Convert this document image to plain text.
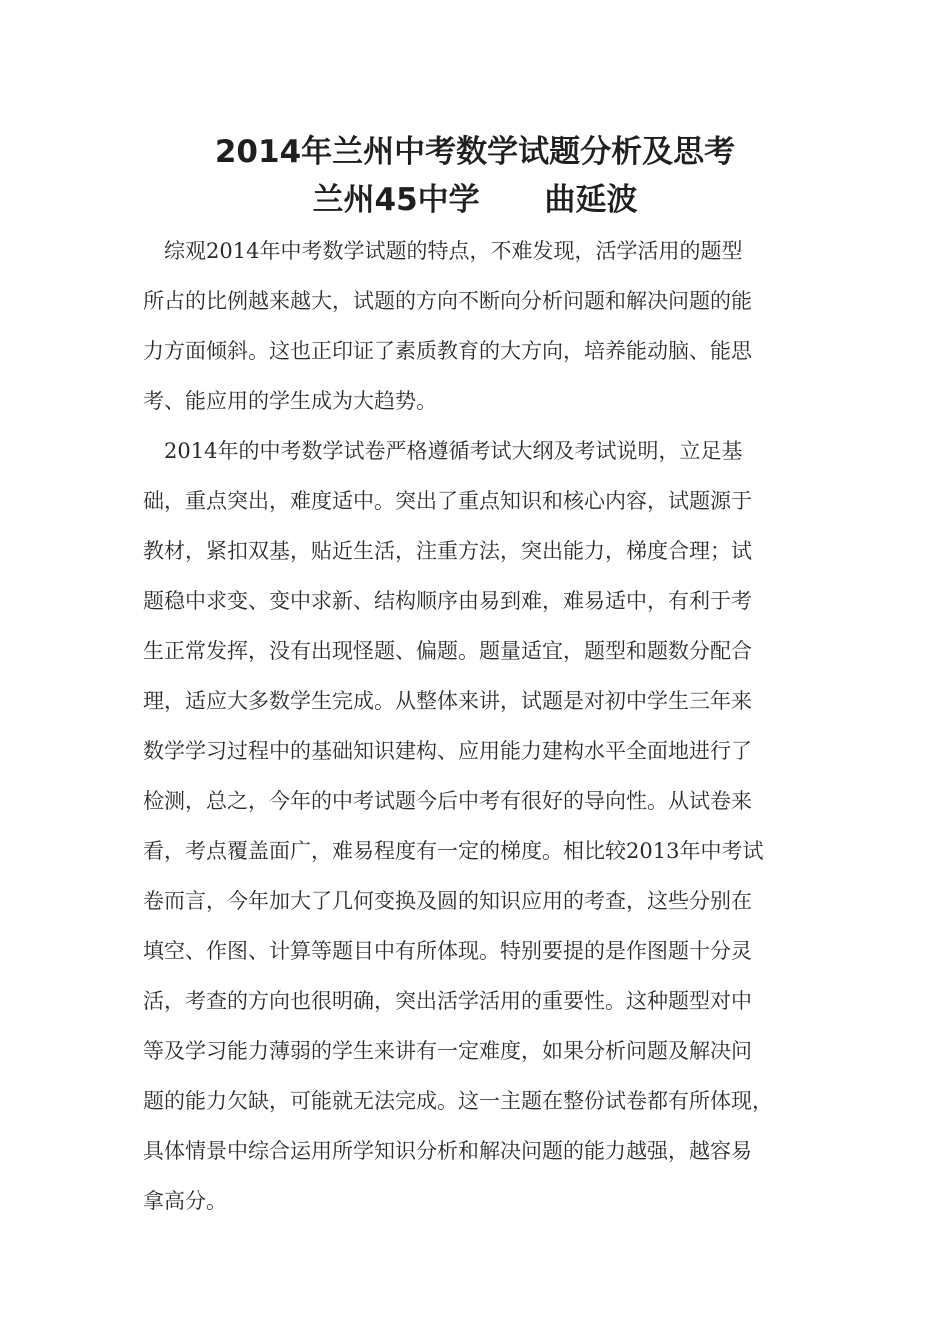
2014年兰州中考数学试题分析及思考
兰州45中学      曲延波
　综观2014年中考数学试题的特点，不难发现，活学活用的题型
所占的比例越来越大，试题的方向不断向分析问题和解决问题的能
力方面倾斜。这也正印证了素质教育的大方向，培养能动脑、能思
考、能应用的学生成为大趋势。
　2014年的中考数学试卷严格遵循考试大纲及考试说明，立足基
础，重点突出，难度适中。突出了重点知识和核心内容，试题源于
教材，紧扣双基，贴近生活，注重方法，突出能力，梯度合理；试
题稳中求变、变中求新、结构顺序由易到难，难易适中，有利于考
生正常发挥，没有出现怪题、偏题。题量适宜，题型和题数分配合
理，适应大多数学生完成。从整体来讲，试题是对初中学生三年来
数学学习过程中的基础知识建构、应用能力建构水平全面地进行了
检测，总之，今年的中考试题今后中考有很好的导向性。从试卷来
看，考点覆盖面广，难易程度有一定的梯度。相比较2013年中考试
卷而言，今年加大了几何变换及圆的知识应用的考查，这些分别在
填空、作图、计算等题目中有所体现。特别要提的是作图题十分灵
活，考查的方向也很明确，突出活学活用的重要性。这种题型对中
等及学习能力薄弱的学生来讲有一定难度，如果分析问题及解决问
题的能力欠缺，可能就无法完成。这一主题在整份试卷都有所体现，
具体情景中综合运用所学知识分析和解决问题的能力越强，越容易
拿高分。
